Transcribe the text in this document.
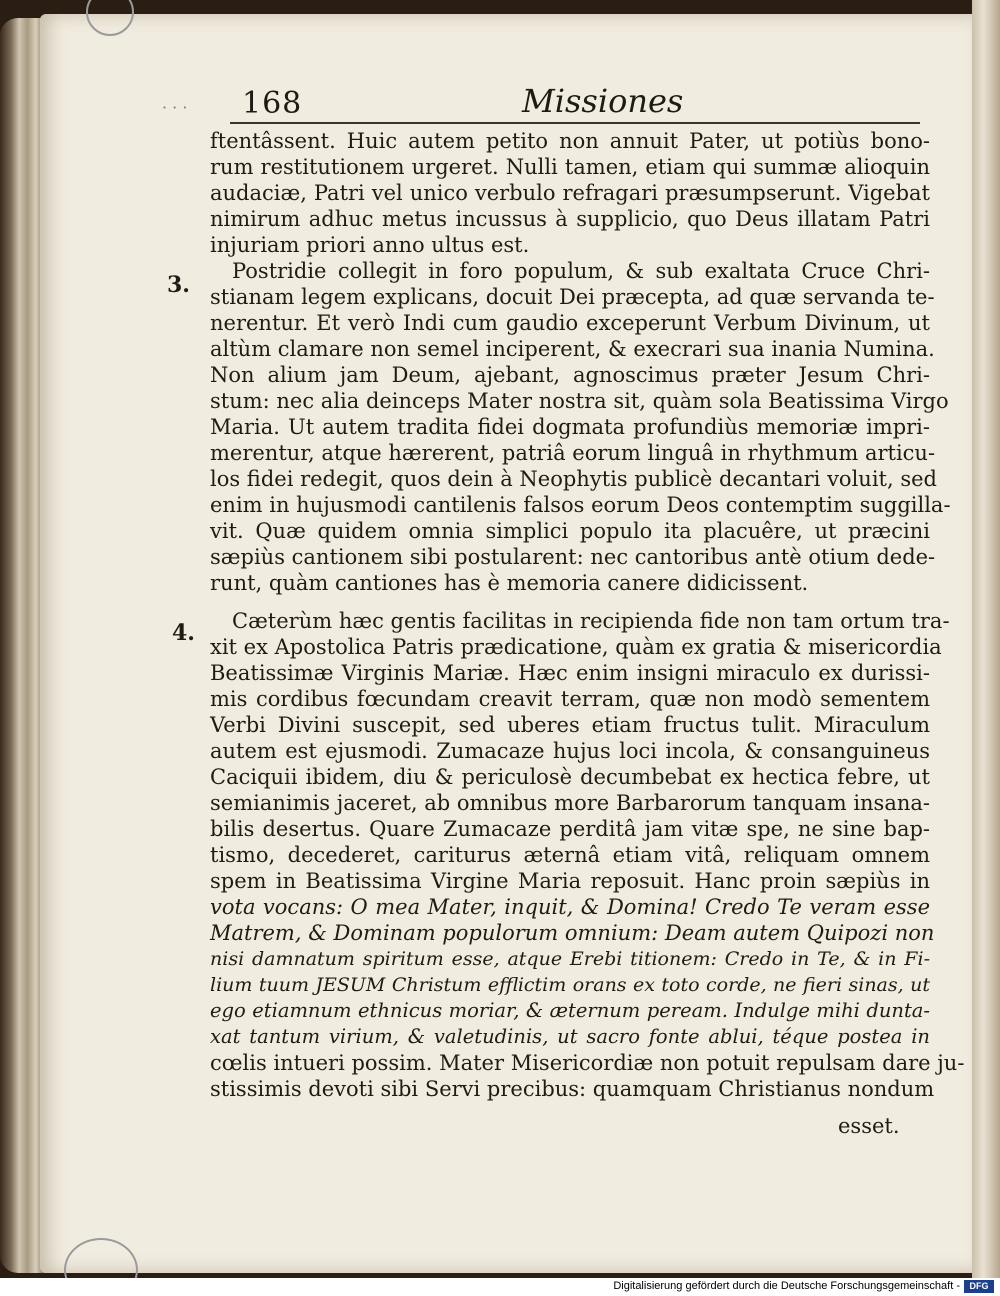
· · · 168	Missiones
3.
4.
ftentâssent. Huic autem petito non annuit Pater, ut potiùs bono-
rum restitutionem urgeret. Nulli tamen, etiam qui summæ alioquin
audaciæ, Patri vel unico verbulo refragari præsumpserunt. Vigebat
nimirum adhuc metus incussus à supplicio, quo Deus illatam Patri
injuriam priori anno ultus est.
Postridie collegit in foro populum, & sub exaltata Cruce Chri-
stianam legem explicans, docuit Dei præcepta, ad quæ servanda te-
nerentur. Et verò Indi cum gaudio exceperunt Verbum Divinum, ut
altùm clamare non semel inciperent, & execrari sua inania Numina.
Non alium jam Deum, ajebant, agnoscimus præter Jesum Chri-
stum: nec alia deinceps Mater nostra sit, quàm sola Beatissima Virgo
Maria. Ut autem tradita fidei dogmata profundiùs memoriæ impri-
merentur, atque hærerent, patriâ eorum linguâ in rhythmum articu-
los fidei redegit, quos dein à Neophytis publicè decantari voluit, sed
enim in hujusmodi cantilenis falsos eorum Deos contemptim suggilla-
vit. Quæ quidem omnia simplici populo ita placuêre, ut præcini
sæpiùs cantionem sibi postularent: nec cantoribus antè otium dede-
runt, quàm cantiones has è memoria canere didicissent.
Cæterùm hæc gentis facilitas in recipienda fide non tam ortum tra-
xit ex Apostolica Patris prædicatione, quàm ex gratia & misericordia
Beatissimæ Virginis Mariæ. Hæc enim insigni miraculo ex durissi-
mis cordibus fœcundam creavit terram, quæ non modò sementem
Verbi Divini suscepit, sed uberes etiam fructus tulit. Miraculum
autem est ejusmodi. Zumacaze hujus loci incola, & consanguineus
Caciquii ibidem, diu & periculosè decumbebat ex hectica febre, ut
semianimis jaceret, ab omnibus more Barbarorum tanquam insana-
bilis desertus. Quare Zumacaze perditâ jam vitæ spe, ne sine bap-
tismo, decederet, cariturus æternâ etiam vitâ, reliquam omnem
spem in Beatissima Virgine Maria reposuit. Hanc proin sæpiùs in
vota vocans: O mea Mater, inquit, & Domina! Credo Te veram esse
Matrem, & Dominam populorum omnium: Deam autem Quipozi non
nisi damnatum spiritum esse, atque Erebi titionem: Credo in Te, & in Fi-
lium tuum JESUM Christum efflictim orans ex toto corde, ne fieri sinas, ut
ego etiamnum ethnicus moriar, & æternum peream. Indulge mihi dunta-
xat tantum virium, & valetudinis, ut sacro fonte ablui, téque postea in
cœlis intueri possim. Mater Misericordiæ non potuit repulsam dare ju-
stissimis devoti sibi Servi precibus: quamquam Christianus nondum
esset.
Digitalisierung gefördert durch die Deutsche Forschungsgemeinschaft -	DFG
